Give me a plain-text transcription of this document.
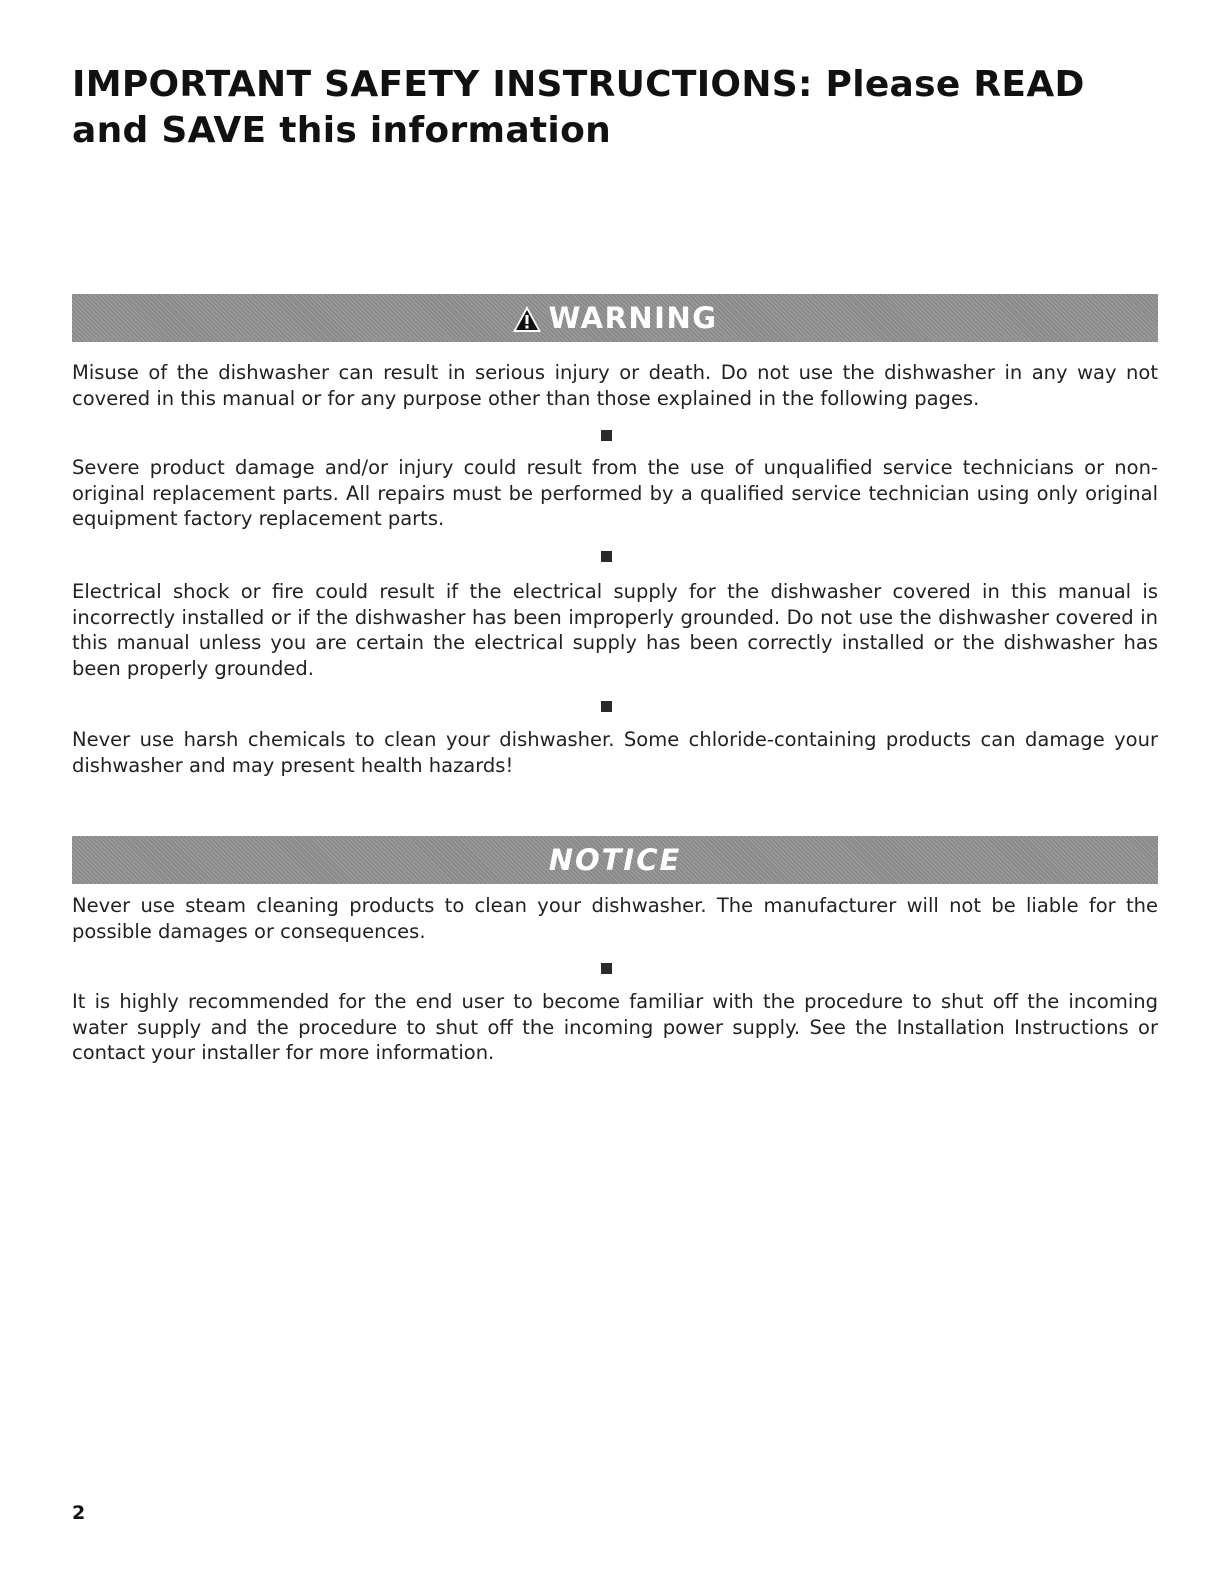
IMPORTANT SAFETY INSTRUCTIONS: Please READ
and SAVE this information
WARNING

Misuse of the dishwasher can result in serious injury or death. Do not use the dishwasher in any way not covered in this manual or for any purpose other than those explained in the following pages.

Severe product damage and/or injury could result from the use of unqualified service technicians or non-original replacement parts. All repairs must be performed by a qualified service technician using only original equipment factory replacement parts.

Electrical shock or fire could result if the electrical supply for the dishwasher covered in this manual is incorrectly installed or if the dishwasher has been improperly grounded. Do not use the dishwasher covered in this manual unless you are certain the electrical supply has been correctly installed or the dishwasher has been properly grounded.

Never use harsh chemicals to clean your dishwasher. Some chloride-containing products can damage your dishwasher and may present health hazards!

NOTICE

Never use steam cleaning products to clean your dishwasher. The manufacturer will not be liable for the possible damages or consequences.

It is highly recommended for the end user to become familiar with the procedure to shut off the incoming water supply and the procedure to shut off the incoming power supply. See the Installation Instructions or contact your installer for more information.

2
